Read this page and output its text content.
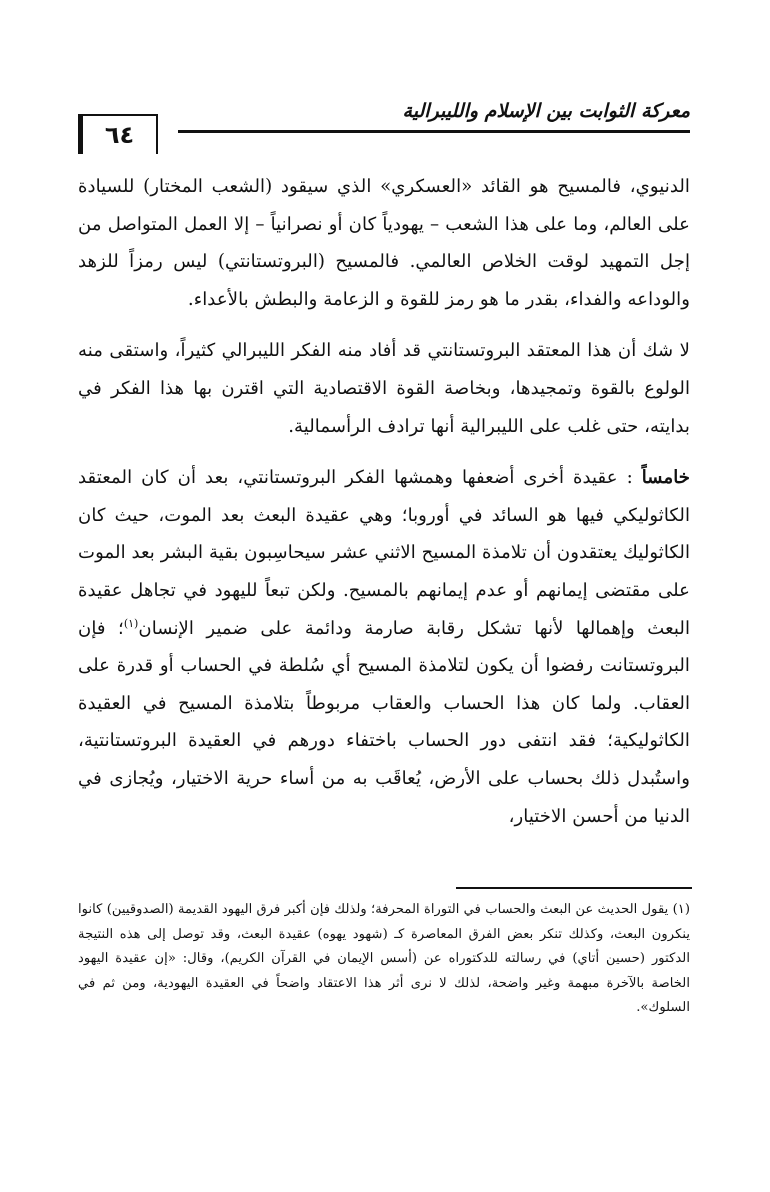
معركة الثوابت بين الإسلام والليبرالية
٦٤

الدنيوي، فالمسيح هو القائد «العسكري» الذي سيقود (الشعب المختار) للسيادة على العالم، وما على هذا الشعب – يهودياً كان أو نصرانياً – إلا العمل المتواصل من إجل التمهيد لوقت الخلاص العالمي. فالمسيح (البروتستانتي) ليس رمزاً للزهد والوداعه والفداء، بقدر ما هو رمز للقوة و الزعامة والبطش بالأعداء.

لا شك أن هذا المعتقد البروتستانتي قد أفاد منه الفكر الليبرالي كثيراً، واستقى منه الولوع بالقوة وتمجيدها، وبخاصة القوة الاقتصادية التي اقترن بها هذا الفكر في بدايته، حتى غلب على الليبرالية أنها ترادف الرأسمالية.

خامساً : عقيدة أخرى أضعفها وهمشها الفكر البروتستانتي، بعد أن كان المعتقد الكاثوليكي فيها هو السائد في أوروبا؛ وهي عقيدة البعث بعد الموت، حيث كان الكاثوليك يعتقدون أن تلامذة المسيح الاثني عشر سيحاسِبون بقية البشر بعد الموت على مقتضى إيمانهم أو عدم إيمانهم بالمسيح. ولكن تبعاً لليهود في تجاهل عقيدة البعث وإهمالها لأنها تشكل رقابة صارمة ودائمة على ضمير الإنسان$^{(١)}$؛ فإن البروتستانت رفضوا أن يكون لتلامذة المسيح أي سُلطة في الحساب أو قدرة على العقاب. ولما كان هذا الحساب والعقاب مربوطاً بتلامذة المسيح في العقيدة الكاثوليكية؛ فقد انتفى دور الحساب باختفاء دورهم في العقيدة البروتستانتية، واستُبدل ذلك بحساب على الأرض، يُعاقَب به من أساء حرية الاختيار، ويُجازى في الدنيا من أحسن الاختيار،

(١) يقول الحديث عن البعث والحساب في التوراة المحرفة؛ ولذلك فإن أكبر فرق اليهود القديمة (الصدوقيين) كانوا ينكرون البعث، وكذلك تنكر بعض الفرق المعاصرة كـ (شهود يهوه) عقيدة البعث، وقد توصل إلى هذه النتيجة الدكتور (حسين أتاي) في رسالته للدكتوراه عن (أسس الإيمان في القرآن الكريم)، وقال: «إن عقيدة اليهود الخاصة بالآخرة مبهمة وغير واضحة، لذلك لا نرى أثر هذا الاعتقاد واضحاً في العقيدة اليهودية، ومن ثم في السلوك».
